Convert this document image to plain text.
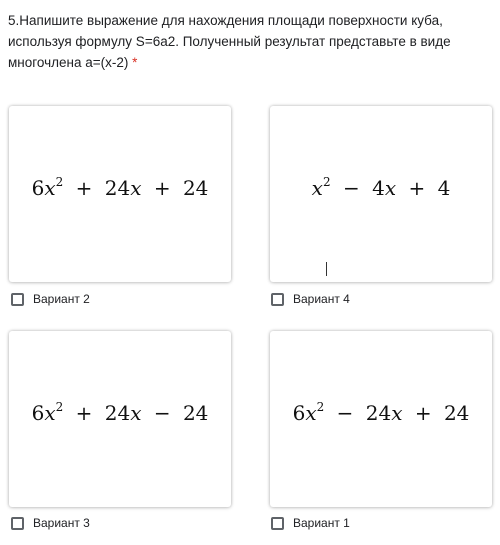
5.Напишите выражение для нахождения площади поверхности куба, используя формулу S=6a2. Полученный результат представьте в виде многочлена a=(x-2) *
$6x^2 + 24x + 24$
Вариант 2
$x^2 - 4x + 4$
Вариант 4
$6x^2 + 24x - 24$
Вариант 3
$6x^2 - 24x + 24$
Вариант 1
